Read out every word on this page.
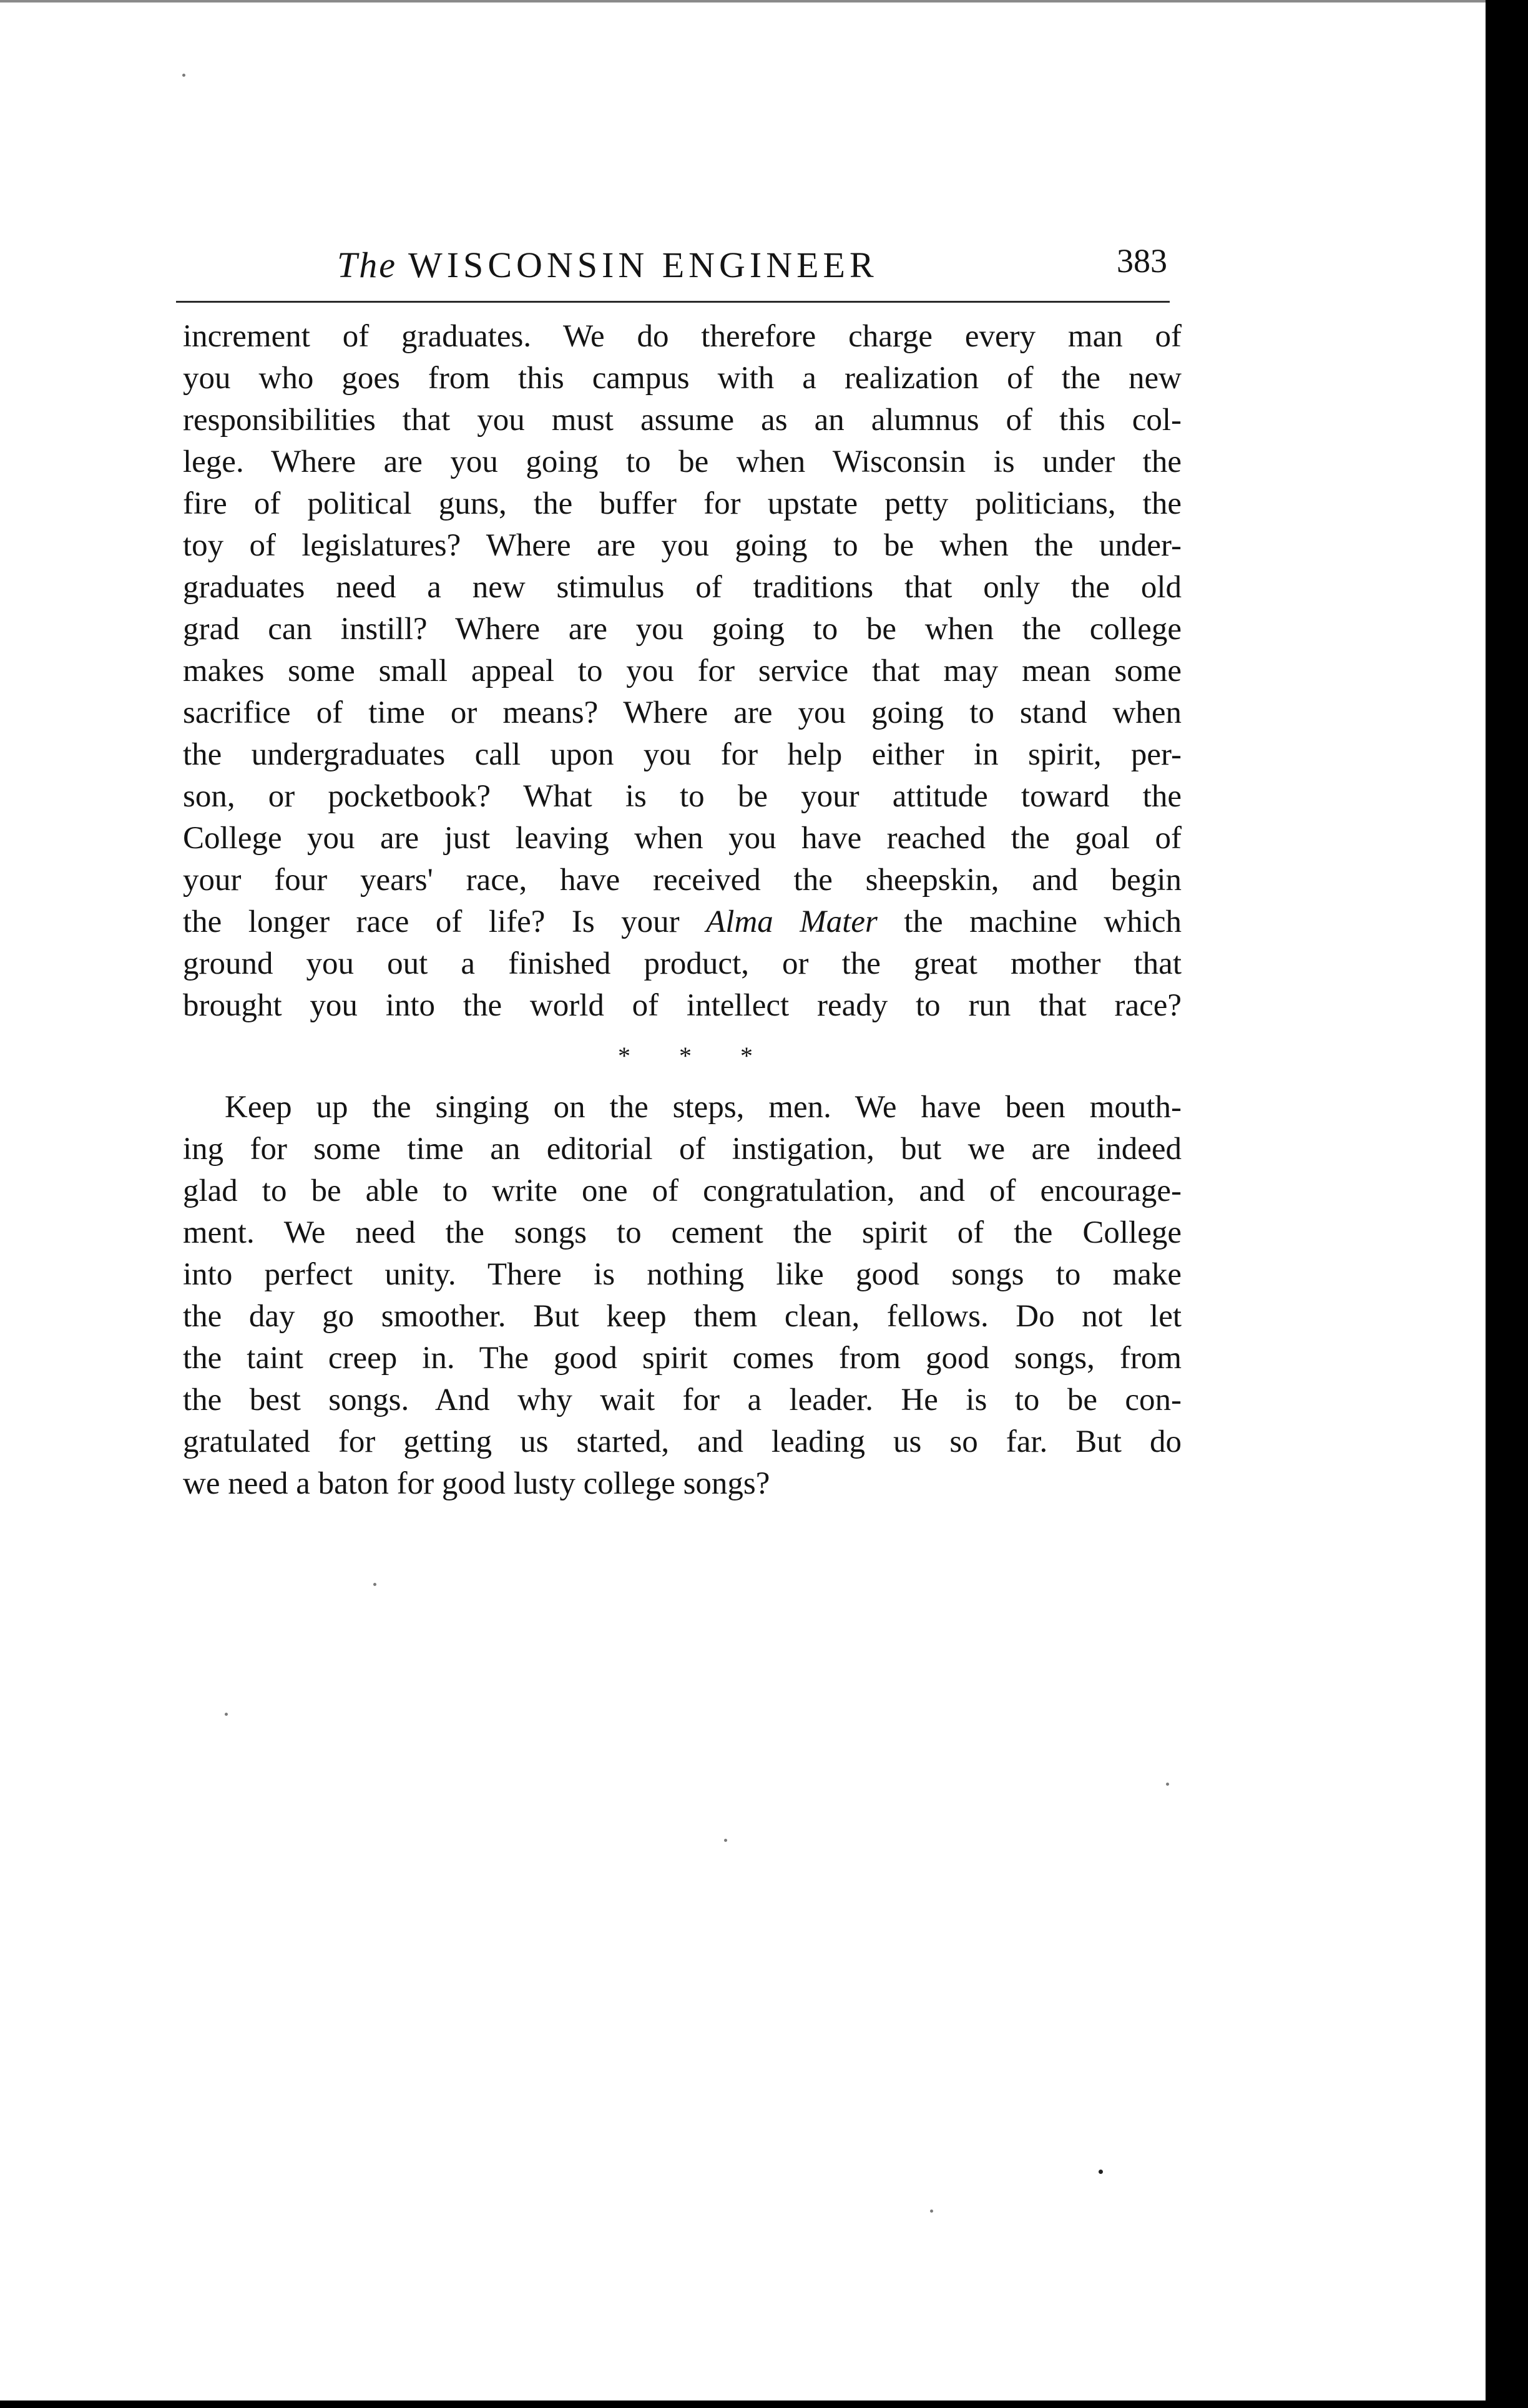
The WISCONSIN ENGINEER	383
increment of graduates. We do therefore charge every man of
you who goes from this campus with a realization of the new
responsibilities that you must assume as an alumnus of this col-
lege. Where are you going to be when Wisconsin is under the
fire of political guns, the buffer for upstate petty politicians, the
toy of legislatures? Where are you going to be when the under-
graduates need a new stimulus of traditions that only the old
grad can instill? Where are you going to be when the college
makes some small appeal to you for service that may mean some
sacrifice of time or means? Where are you going to stand when
the undergraduates call upon you for help either in spirit, per-
son, or pocketbook? What is to be your attitude toward the
College you are just leaving when you have reached the goal of
your four years' race, have received the sheepskin, and begin
the longer race of life? Is your Alma Mater the machine which
ground you out a finished product, or the great mother that
brought you into the world of intellect ready to run that race?
* * *
Keep up the singing on the steps, men. We have been mouth-
ing for some time an editorial of instigation, but we are indeed
glad to be able to write one of congratulation, and of encourage-
ment. We need the songs to cement the spirit of the College
into perfect unity. There is nothing like good songs to make
the day go smoother. But keep them clean, fellows. Do not let
the taint creep in. The good spirit comes from good songs, from
the best songs. And why wait for a leader. He is to be con-
gratulated for getting us started, and leading us so far. But do
we need a baton for good lusty college songs?
